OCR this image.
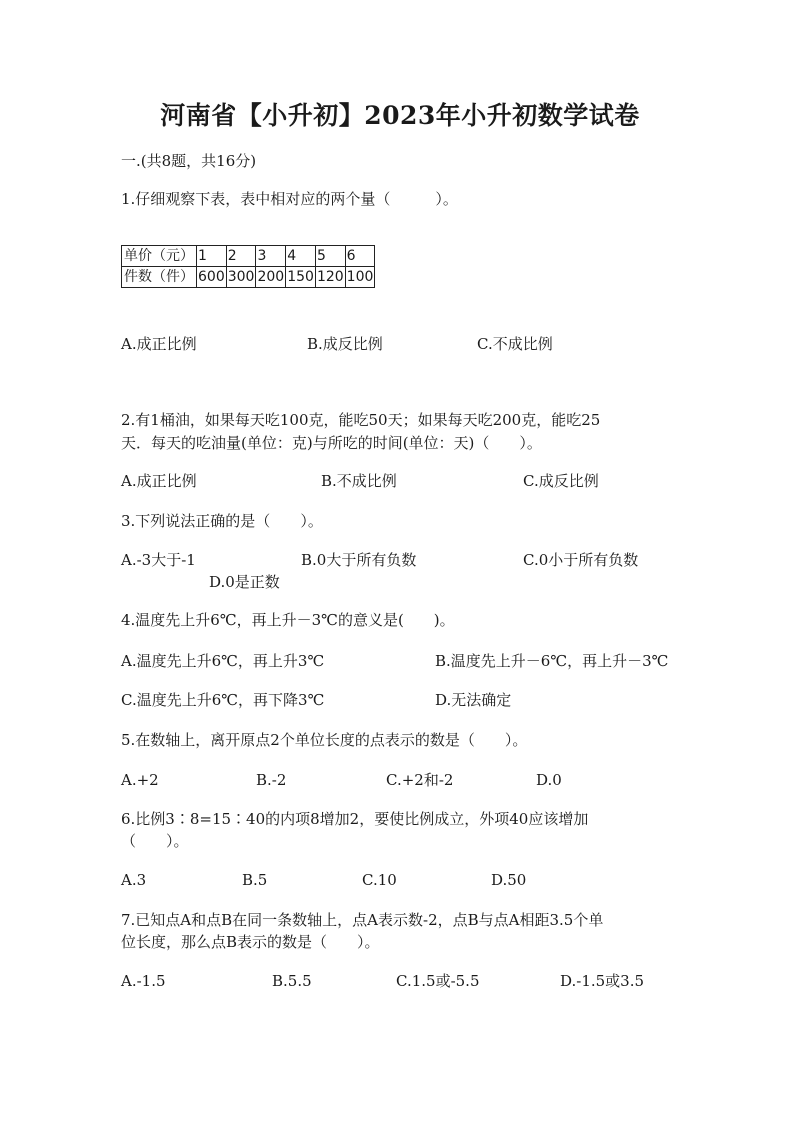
河南省【小升初】2023年小升初数学试卷
一.(共8题，共16分)
1.仔细观察下表，表中相对应的两个量（　　　）。
单价（元）	1	2	3	4	5	6
件数（件）	600	300	200	150	120	100
A.成正比例	B.成反比例	C.不成比例
2.有1桶油，如果每天吃100克，能吃50天；如果每天吃200克，能吃25
天．每天的吃油量(单位：克)与所吃的时间(单位：天)（　　）。
A.成正比例	B.不成比例	C.成反比例
3.下列说法正确的是（　　）。
A.-3大于-1	B.0大于所有负数	C.0小于所有负数
D.0是正数
4.温度先上升6℃，再上升－3℃的意义是(　　)。
A.温度先上升6℃，再上升3℃	B.温度先上升－6℃，再上升－3℃
C.温度先上升6℃，再下降3℃	D.无法确定
5.在数轴上，离开原点2个单位长度的点表示的数是（　　）。
A.+2	B.-2	C.+2和-2	D.0
6.比例3∶8=15∶40的内项8增加2，要使比例成立，外项40应该增加
（　　）。
A.3	B.5	C.10	D.50
7.已知点A和点B在同一条数轴上，点A表示数-2，点B与点A相距3.5个单
位长度，那么点B表示的数是（　　）。
A.-1.5	B.5.5	C.1.5或-5.5	D.-1.5或3.5
